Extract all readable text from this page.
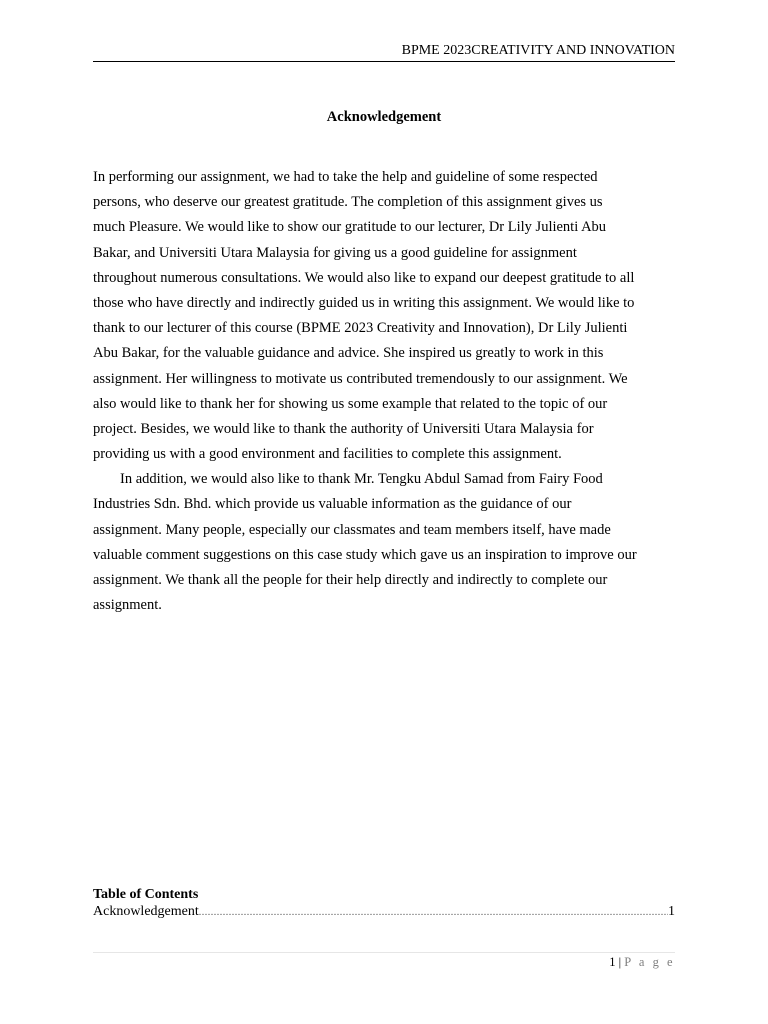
BPME 2023CREATIVITY AND INNOVATION
Acknowledgement
In performing our assignment, we had to take the help and guideline of some respected
persons, who deserve our greatest gratitude. The completion of this assignment gives us
much Pleasure. We would like to show our gratitude to our lecturer, Dr Lily Julienti Abu
Bakar, and Universiti Utara Malaysia for giving us a good guideline for assignment
throughout numerous consultations. We would also like to expand our deepest gratitude to all
those who have directly and indirectly guided us in writing this assignment. We would like to
thank to our lecturer of this course (BPME 2023 Creativity and Innovation), Dr Lily Julienti
Abu Bakar, for the valuable guidance and advice. She inspired us greatly to work in this
assignment. Her willingness to motivate us contributed tremendously to our assignment. We
also would like to thank her for showing us some example that related to the topic of our
project. Besides, we would like to thank the authority of Universiti Utara Malaysia for
providing us with a good environment and facilities to complete this assignment.
In addition, we would also like to thank Mr. Tengku Abdul Samad from Fairy Food
Industries Sdn. Bhd. which provide us valuable information as the guidance of our
assignment. Many people, especially our classmates and team members itself, have made
valuable comment suggestions on this case study which gave us an inspiration to improve our
assignment. We thank all the people for their help directly and indirectly to complete our
assignment.
Table of Contents
Acknowledgement
.....	1
1 | P a g e
